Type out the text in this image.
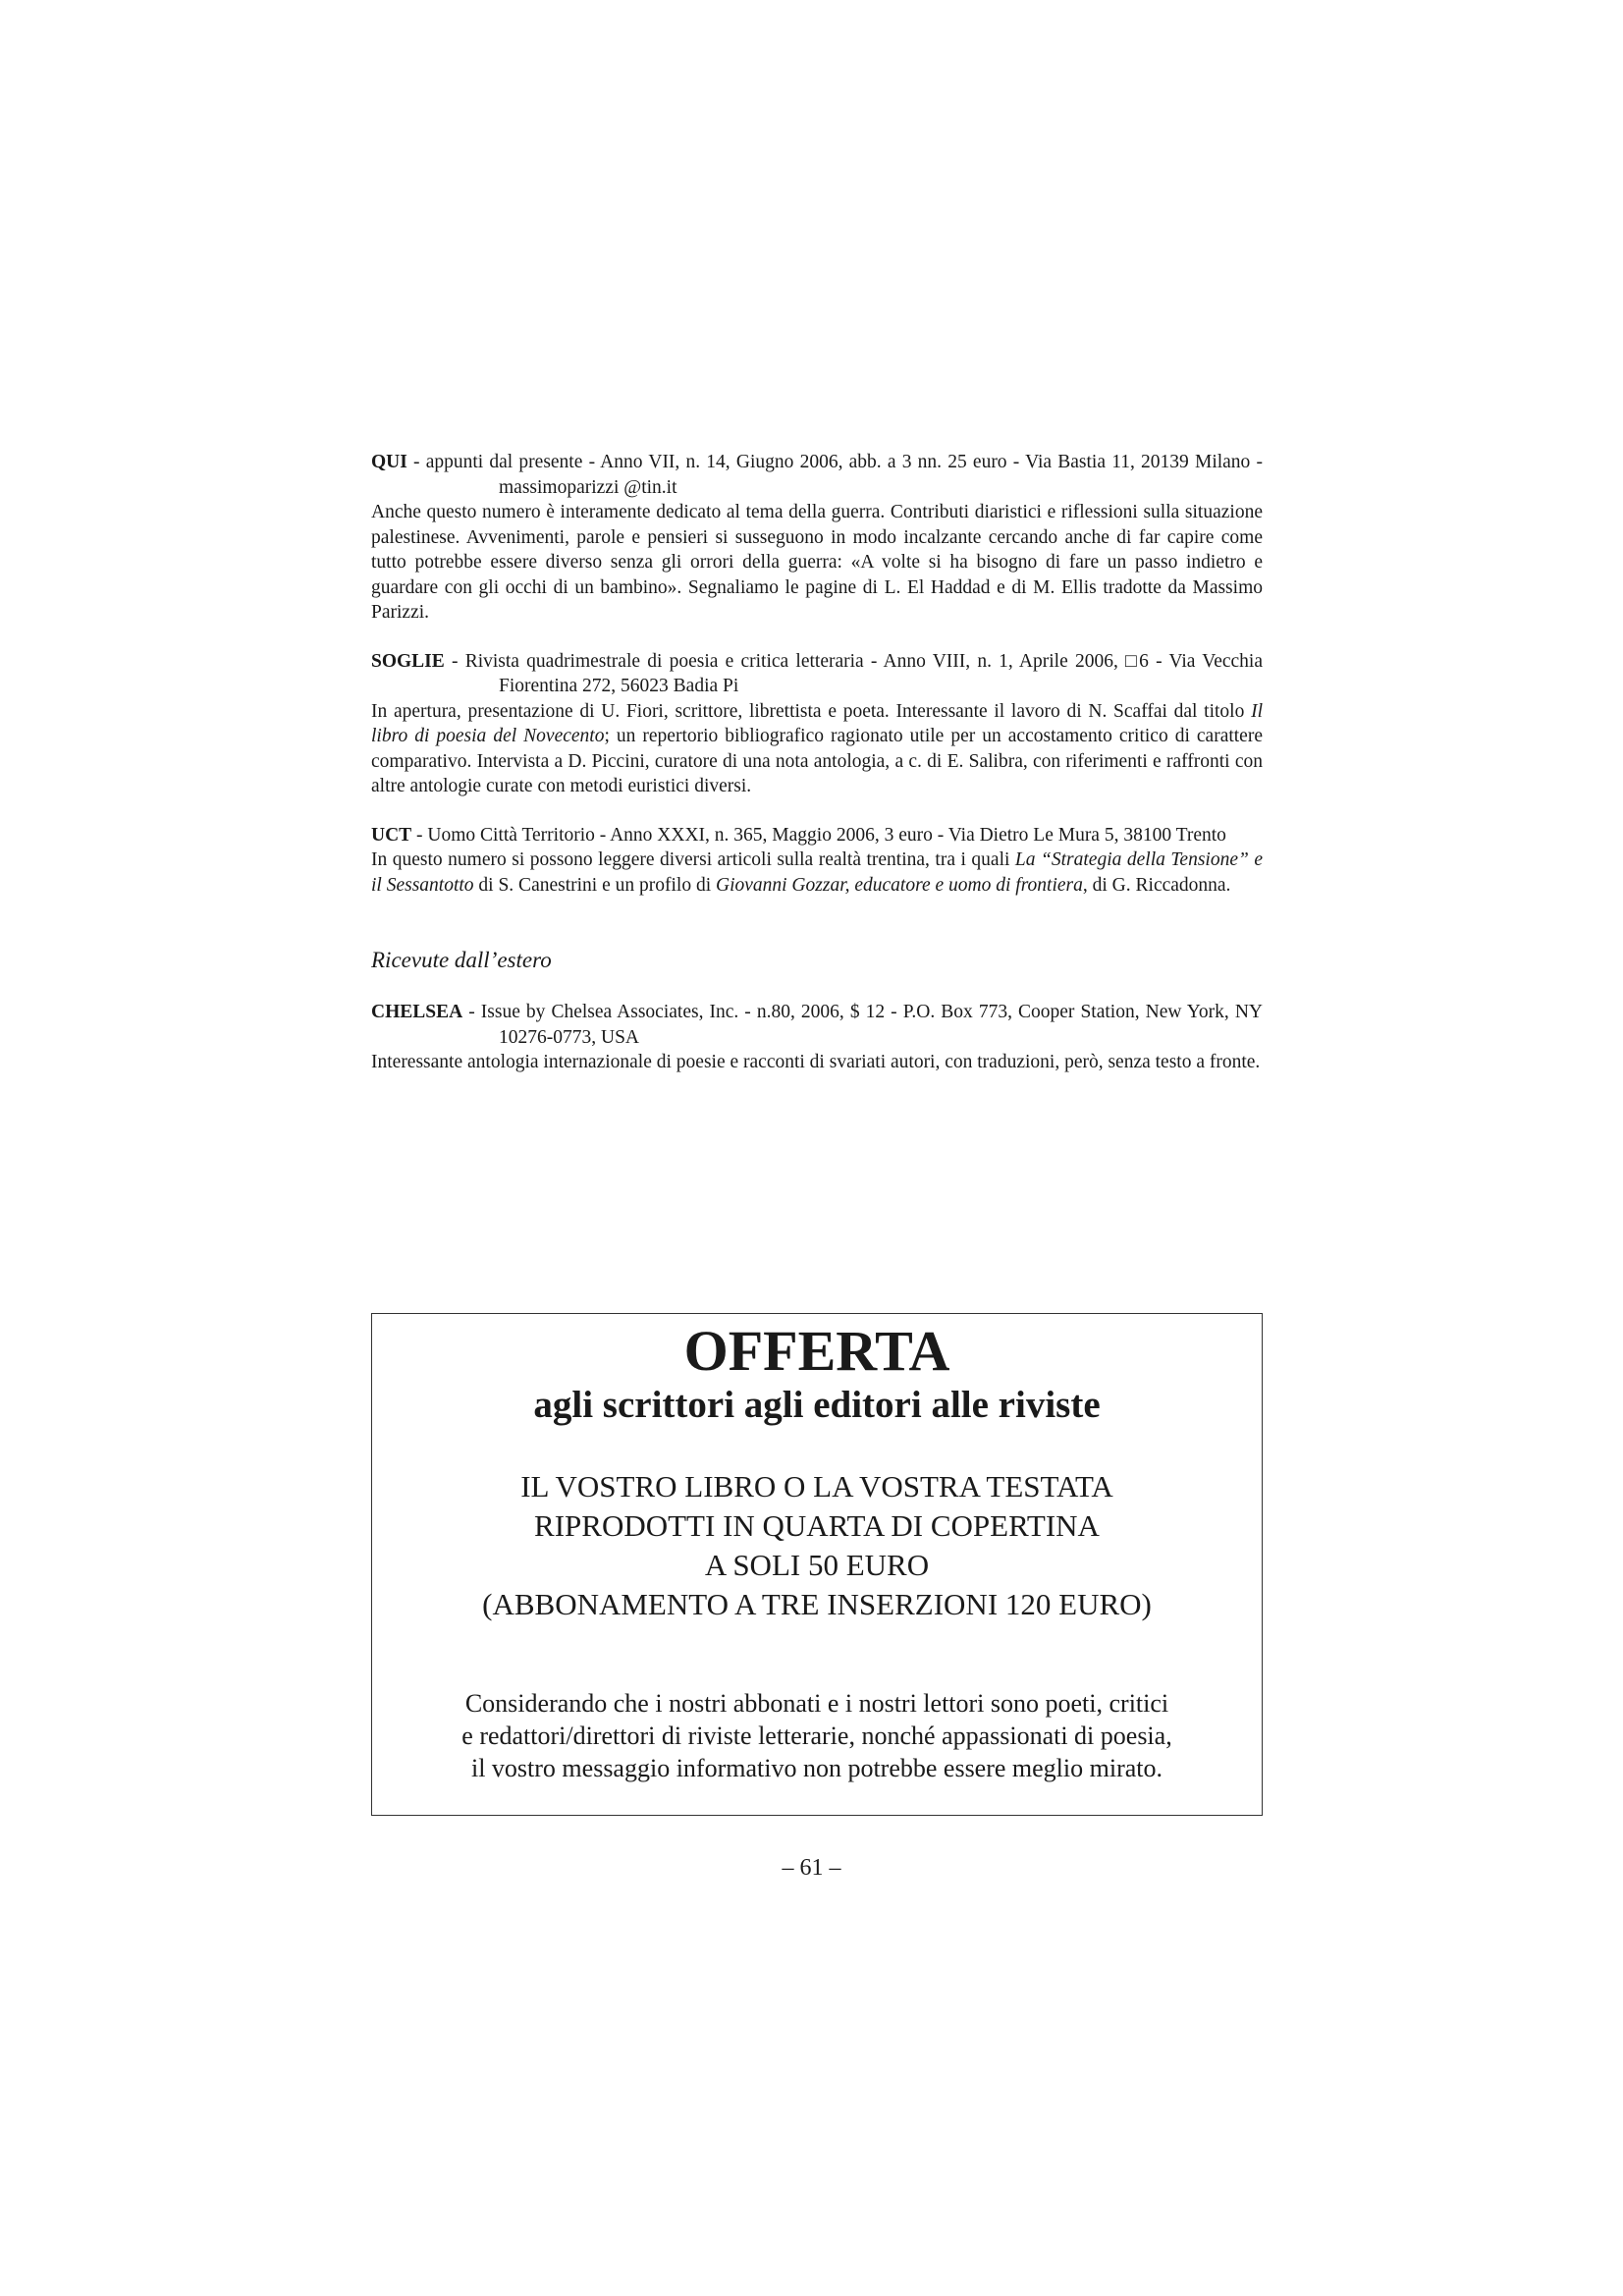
QUI - appunti dal presente - Anno VII, n. 14, Giugno 2006, abb. a 3 nn. 25 euro - Via Bastia 11, 20139 Milano - massimoparizzi @tin.it
Anche questo numero è interamente dedicato al tema della guerra. Contributi diaristici e riflessioni sulla situazione palestinese. Avvenimenti, parole e pensieri si susseguono in modo incalzante cercando anche di far capire come tutto potrebbe essere diverso senza gli orrori della guerra: «A volte si ha bisogno di fare un passo indietro e guardare con gli occhi di un bambino». Segnaliamo le pagine di L. El Haddad e di M. Ellis tradotte da Massimo Parizzi.
SOGLIE - Rivista quadrimestrale di poesia e critica letteraria - Anno VIII, n. 1, Aprile 2006, □6 - Via Vecchia Fiorentina 272, 56023 Badia Pi
In apertura, presentazione di U. Fiori, scrittore, librettista e poeta. Interessante il lavoro di N. Scaffai dal titolo Il libro di poesia del Novecento; un repertorio bibliografico ragionato utile per un accostamento critico di carattere comparativo. Intervista a D. Piccini, curatore di una nota antologia, a c. di E. Salibra, con riferimenti e raffronti con altre antologie curate con metodi euristici diversi.
UCT - Uomo Città Territorio - Anno XXXI, n. 365, Maggio 2006, 3 euro - Via Dietro Le Mura 5, 38100 Trento
In questo numero si possono leggere diversi articoli sulla realtà trentina, tra i quali La “Strategia della Tensione” e il Sessantotto di S. Canestrini e un profilo di Giovanni Gozzar, educatore e uomo di frontiera, di G. Riccadonna.
Ricevute dall’estero
CHELSEA - Issue by Chelsea Associates, Inc. - n.80, 2006, $ 12 - P.O. Box 773, Cooper Station, New York, NY 10276-0773, USA
Interessante antologia internazionale di poesie e racconti di svariati autori, con traduzioni, però, senza testo a fronte.
OFFERTA
agli scrittori agli editori alle riviste
IL VOSTRO LIBRO O LA VOSTRA TESTATA
RIPRODOTTI IN QUARTA DI COPERTINA
A SOLI 50 EURO
(ABBONAMENTO A TRE INSERZIONI 120 EURO)
Considerando che i nostri abbonati e i nostri lettori sono poeti, critici
e redattori/direttori di riviste letterarie, nonché appassionati di poesia,
il vostro messaggio informativo non potrebbe essere meglio mirato.
– 61 –
